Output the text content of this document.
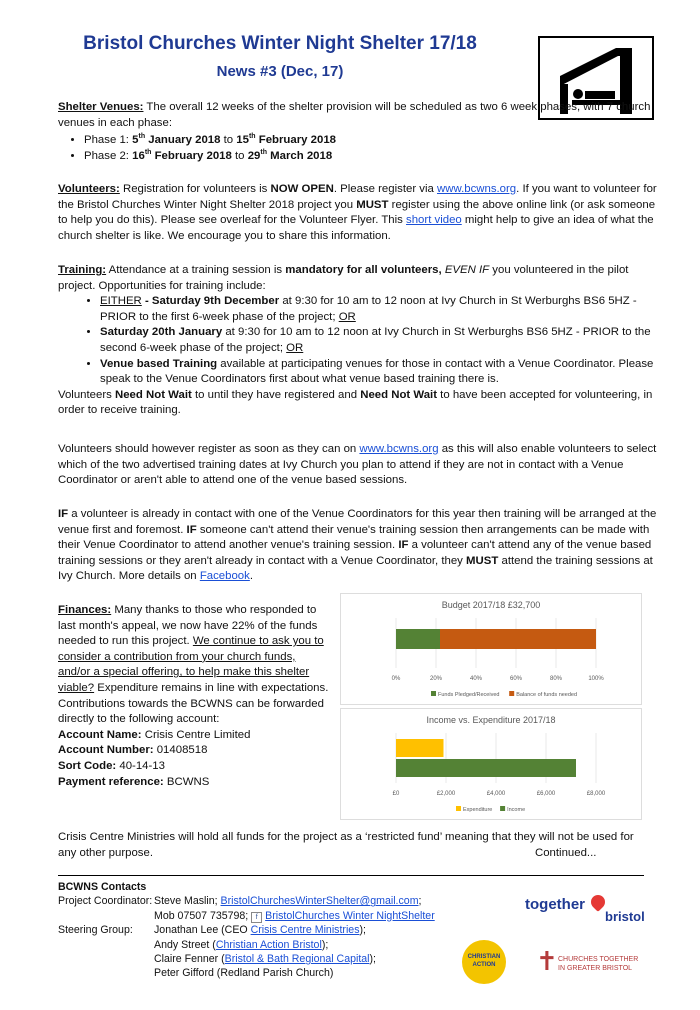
Bristol Churches Winter Night Shelter 17/18
News #3 (Dec, 17)
Shelter Venues: The overall 12 weeks of the shelter provision will be scheduled as two 6 week phases, with 7 church venues in each phase:
• Phase 1: 5th January 2018 to 15th February 2018
• Phase 2: 16th February 2018 to 29th March 2018
Volunteers: Registration for volunteers is NOW OPEN. Please register via www.bcwns.org. If you want to volunteer for the Bristol Churches Winter Night Shelter 2018 project you MUST register using the above online link (or ask someone to help you do this). Please see overleaf for the Volunteer Flyer. This short video might help to give an idea of what the church shelter is like. We encourage you to share this information.
Training: Attendance at a training session is mandatory for all volunteers, EVEN IF you volunteered in the pilot project. Opportunities for training include:
• EITHER - Saturday 9th December at 9:30 for 10 am to 12 noon at Ivy Church in St Werburghs BS6 5HZ - PRIOR to the first 6-week phase of the project; OR
• Saturday 20th January at 9:30 for 10 am to 12 noon at Ivy Church in St Werburghs BS6 5HZ - PRIOR to the second 6-week phase of the project; OR
• Venue based Training available at participating venues for those in contact with a Venue Coordinator. Please speak to the Venue Coordinators first about what venue based training there is.
Volunteers Need Not Wait to until they have registered and Need Not Wait to have been accepted for volunteering, in order to receive training.
Volunteers should however register as soon as they can on www.bcwns.org as this will also enable volunteers to select which of the two advertised training dates at Ivy Church you plan to attend if they are not in contact with a Venue Coordinator or aren't able to attend one of the venue based sessions.
IF a volunteer is already in contact with one of the Venue Coordinators for this year then training will be arranged at the venue first and foremost. IF someone can't attend their venue's training session then arrangements can be made with their Venue Coordinator to attend another venue's training session. IF a volunteer can't attend any of the venue based training sessions or they aren't already in contact with a Venue Coordinator, they MUST attend the training sessions at Ivy Church. More details on Facebook.
Finances: Many thanks to those who responded to last month's appeal, we now have 22% of the funds needed to run this project. We continue to ask you to consider a contribution from your church funds, and/or a special offering, to help make this shelter viable? Expenditure remains in line with expectations. Contributions towards the BCWNS can be forwarded directly to the following account:
Account Name: Crisis Centre Limited
Account Number: 01408518
Sort Code: 40-14-13
Payment reference: BCWNS
Budget 2017/18 £32,700
0%	20%	40%	60%	80%	100%
Funds Pledged/Received	Balance of funds needed
Income vs. Expenditure 2017/18
£0	£2,000	£4,000	£6,000	£8,000
Expenditure	Income
Crisis Centre Ministries will hold all funds for the project as a ‘restricted fund’ meaning that they will not be used for any other purpose.	Continued...
BCWNS Contacts
Project Coordinator: Steve Maslin; BristolChurchesWinterShelter@gmail.com;
Mob 07507 735798; f BristolChurches Winter NightShelter
Steering Group:	Jonathan Lee (CEO Crisis Centre Ministries);
Andy Street (Christian Action Bristol);
Claire Fenner (Bristol & Bath Regional Capital);
Peter Gifford (Redland Parish Church)
together
bristol
CHRISTIAN
ACTION	✝ CHURCHES TOGETHER
IN GREATER BRISTOL
